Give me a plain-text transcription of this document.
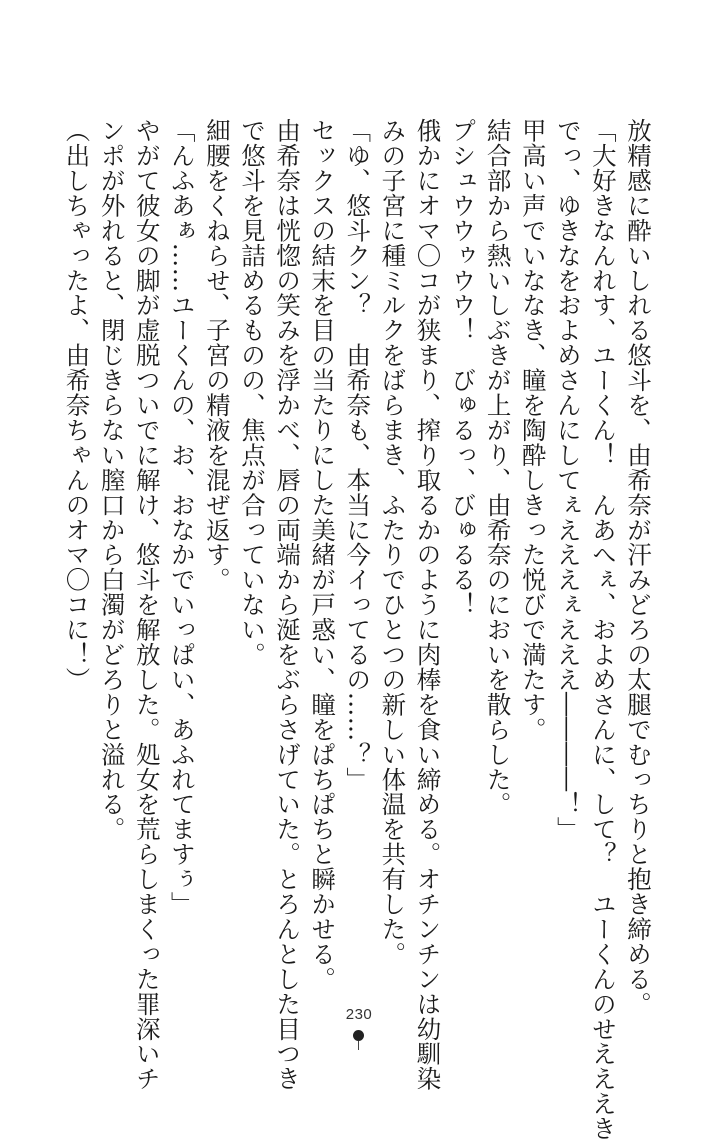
放精感に酔いしれる悠斗を、由希奈が汗みどろの太腿でむっちりと抱き締める。
「大好きなんれす、ユーくん！　んあへぇ、およめさんに、して？　ユーくんのせえええき
でっ、ゆきなをおよめさんにしてぇえええぇえええ――――！」
甲高い声でいななき、瞳を陶酔しきった悦びで満たす。
結合部から熱いしぶきが上がり、由希奈のにおいを散らした。
プシュウウゥウウ！　びゅるっ、びゅるる！
俄かにオマ〇コが狭まり、搾り取るかのように肉棒を食い締める。オチンチンは幼馴染
みの子宮に種ミルクをばらまき、ふたりでひとつの新しい体温を共有した。
「ゆ、悠斗クン？　由希奈も、本当に今イってるの……？」
セックスの結末を目の当たりにした美緒が戸惑い、瞳をぱちぱちと瞬かせる。
由希奈は恍惚の笑みを浮かべ、唇の両端から涎をぶらさげていた。とろんとした目つき
で悠斗を見詰めるものの、焦点が合っていない。
細腰をくねらせ、子宮の精液を混ぜ返す。
「んふあぁ……ユーくんの、お、おなかでいっぱい、あふれてますぅ」
やがて彼女の脚が虚脱ついでに解け、悠斗を解放した。処女を荒らしまくった罪深いチ
ンポが外れると、閉じきらない膣口から白濁がどろりと溢れる。
（出しちゃったよ、由希奈ちゃんのオマ〇コに！）
230
